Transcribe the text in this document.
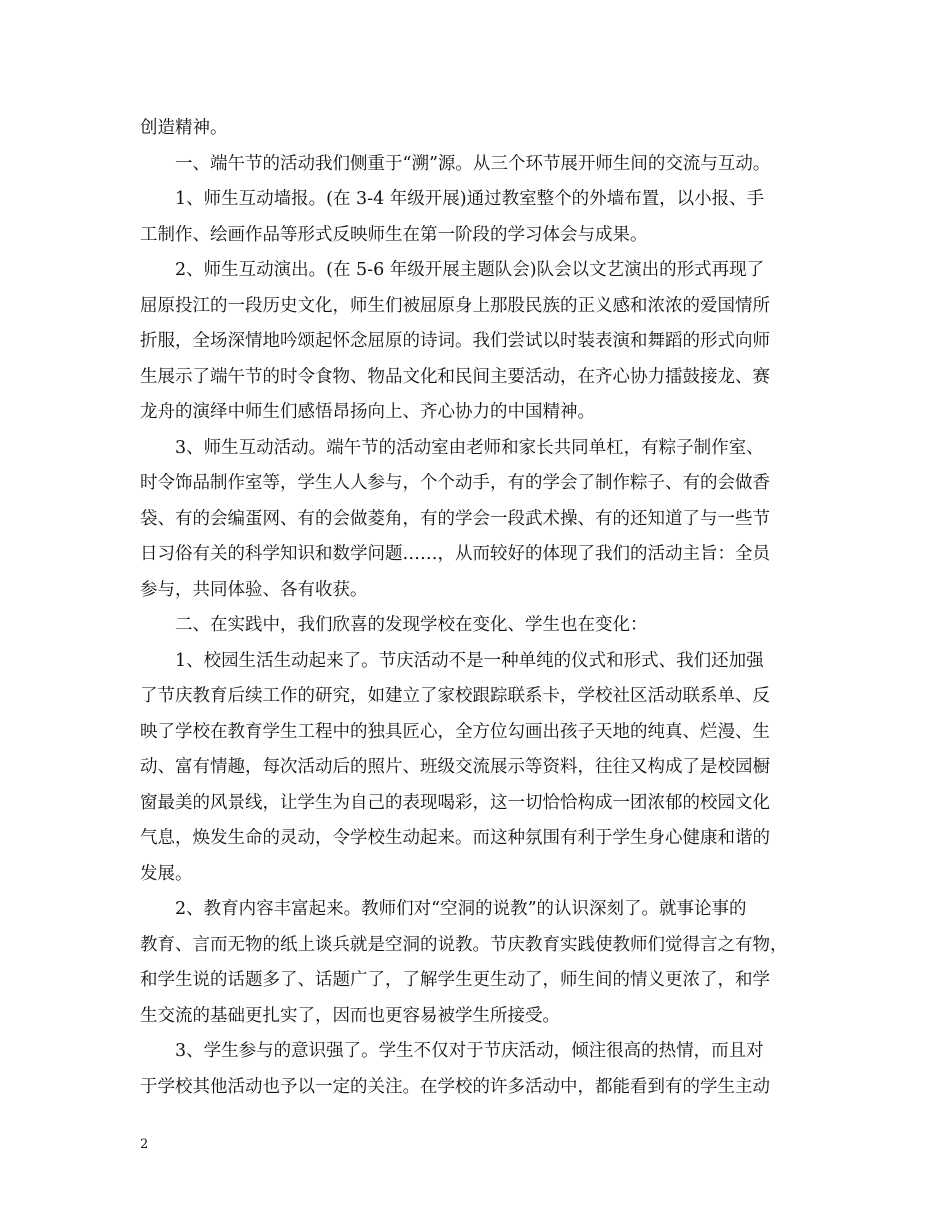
创造精神。
一、端午节的活动我们侧重于“溯”源。从三个环节展开师生间的交流与互动。
1、师生互动墙报。(在 3-4 年级开展)通过教室整个的外墙布置，以小报、手
工制作、绘画作品等形式反映师生在第一阶段的学习体会与成果。
2、师生互动演出。(在 5-6 年级开展主题队会)队会以文艺演出的形式再现了
屈原投江的一段历史文化，师生们被屈原身上那股民族的正义感和浓浓的爱国情所
折服，全场深情地吟颂起怀念屈原的诗词。我们尝试以时装表演和舞蹈的形式向师
生展示了端午节的时令食物、物品文化和民间主要活动，在齐心协力擂鼓接龙、赛
龙舟的演绎中师生们感悟昂扬向上、齐心协力的中国精神。
3、师生互动活动。端午节的活动室由老师和家长共同单杠，有粽子制作室、
时令饰品制作室等，学生人人参与，个个动手，有的学会了制作粽子、有的会做香
袋、有的会编蛋网、有的会做菱角，有的学会一段武术操、有的还知道了与一些节
日习俗有关的科学知识和数学问题……，从而较好的体现了我们的活动主旨：全员
参与，共同体验、各有收获。
二、在实践中，我们欣喜的发现学校在变化、学生也在变化：
1、校园生活生动起来了。节庆活动不是一种单纯的仪式和形式、我们还加强
了节庆教育后续工作的研究，如建立了家校跟踪联系卡，学校社区活动联系单、反
映了学校在教育学生工程中的独具匠心，全方位勾画出孩子天地的纯真、烂漫、生
动、富有情趣，每次活动后的照片、班级交流展示等资料，往往又构成了是校园橱
窗最美的风景线，让学生为自己的表现喝彩，这一切恰恰构成一团浓郁的校园文化
气息，焕发生命的灵动，令学校生动起来。而这种氛围有利于学生身心健康和谐的
发展。
2、教育内容丰富起来。教师们对“空洞的说教”的认识深刻了。就事论事的
教育、言而无物的纸上谈兵就是空洞的说教。节庆教育实践使教师们觉得言之有物，
和学生说的话题多了、话题广了，了解学生更生动了，师生间的情义更浓了，和学
生交流的基础更扎实了，因而也更容易被学生所接受。
3、学生参与的意识强了。学生不仅对于节庆活动，倾注很高的热情，而且对
于学校其他活动也予以一定的关注。在学校的许多活动中，都能看到有的学生主动
2
